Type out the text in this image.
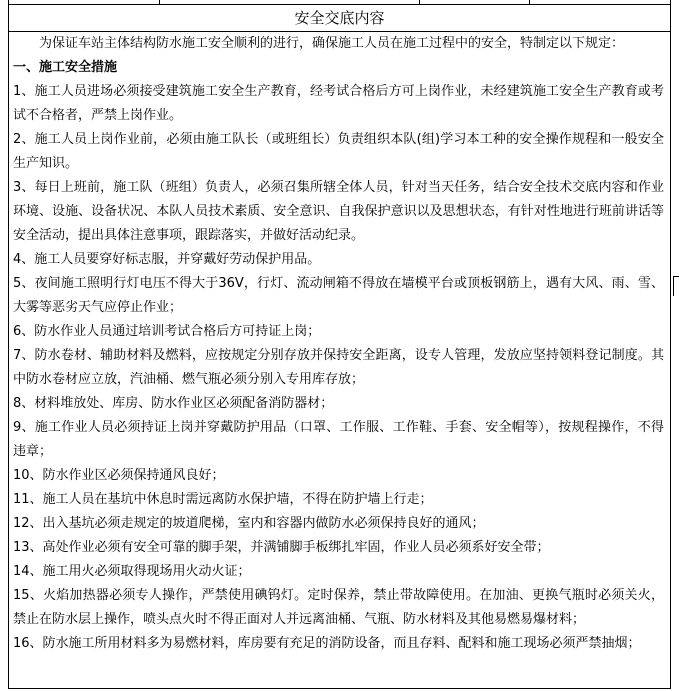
安全交底内容
为保证车站主体结构防水施工安全顺利的进行，确保施工人员在施工过程中的安全，特制定以下规定：
一、施工安全措施
1、施工人员进场必须接受建筑施工安全生产教育，经考试合格后方可上岗作业，未经建筑施工安全生产教育或考试不合格者，严禁上岗作业。
2、施工人员上岗作业前，必须由施工队长（或班组长）负责组织本队(组)学习本工种的安全操作规程和一般安全生产知识。
3、每日上班前，施工队（班组）负责人，必须召集所辖全体人员，针对当天任务，结合安全技术交底内容和作业环境、设施、设备状况、本队人员技术素质、安全意识、自我保护意识以及思想状态，有针对性地进行班前讲话等安全活动，提出具体注意事项，跟踪落实，并做好活动纪录。
4、施工人员要穿好标志服，并穿戴好劳动保护用品。
5、夜间施工照明行灯电压不得大于36V，行灯、流动闸箱不得放在墙模平台或顶板钢筋上，遇有大风、雨、雪、大雾等恶劣天气应停止作业；
6、防水作业人员通过培训考试合格后方可持证上岗；
7、防水卷材、辅助材料及燃料，应按规定分别存放并保持安全距离，设专人管理，发放应坚持领料登记制度。其中防水卷材应立放，汽油桶、燃气瓶必须分别入专用库存放；
8、材料堆放处、库房、防水作业区必须配备消防器材；
9、施工作业人员必须持证上岗并穿戴防护用品（口罩、工作服、工作鞋、手套、安全帽等），按规程操作，不得违章；
10、防水作业区必须保持通风良好；
11、施工人员在基坑中休息时需远离防水保护墙，不得在防护墙上行走；
12、出入基坑必须走规定的坡道爬梯，室内和容器内做防水必须保持良好的通风；
13、高处作业必须有安全可靠的脚手架，并满铺脚手板绑扎牢固，作业人员必须系好安全带；
14、施工用火必须取得现场用火动火证；
15、火焰加热器必须专人操作，严禁使用碘钨灯。定时保养，禁止带故障使用。在加油、更换气瓶时必须关火，禁止在防水层上操作，喷头点火时不得正面对人并远离油桶、气瓶、防水材料及其他易燃易爆材料；
16、防水施工所用材料多为易燃材料，库房要有充足的消防设备，而且存料、配料和施工现场必须严禁抽烟；
